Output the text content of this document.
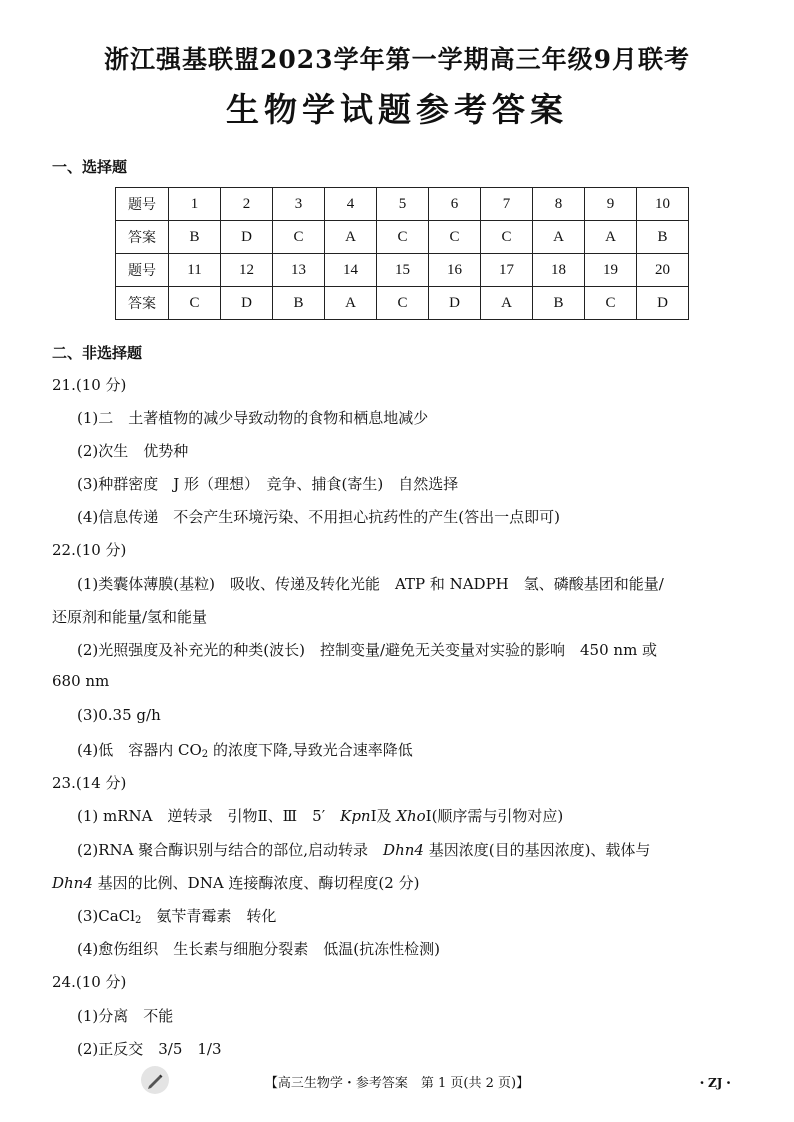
浙江强基联盟2023学年第一学期高三年级9月联考
生物学试题参考答案
一、选择题
题号	1	2	3	4	5	6	7	8	9	10
答案	B	D	C	A	C	C	C	A	A	B
题号	11	12	13	14	15	16	17	18	19	20
答案	C	D	B	A	C	D	A	B	C	D
二、非选择题
21.(10 分)
(1)二　土著植物的减少导致动物的食物和栖息地减少
(2)次生　优势种
(3)种群密度　J 形（理想）　竞争、捕食(寄生)　自然选择
(4)信息传递　不会产生环境污染、不用担心抗药性的产生(答出一点即可)
22.(10 分)
(1)类囊体薄膜(基粒)　吸收、传递及转化光能　ATP 和 NADPH　氢、磷酸基团和能量/
还原剂和能量/氢和能量
(2)光照强度及补充光的种类(波长)　控制变量/避免无关变量对实验的影响　450 nm 或
680 nm
(3)0.35 g/h
(4)低　容器内 $CO_2$ 的浓度下降,导致光合速率降低
23.(14 分)
(1) mRNA　逆转录　引物Ⅱ、Ⅲ　5′　KpnⅠ及 XhoⅠ(顺序需与引物对应)
(2)RNA 聚合酶识别与结合的部位,启动转录　Dhn4 基因浓度(目的基因浓度)、载体与
Dhn4 基因的比例、DNA 连接酶浓度、酶切程度(2 分)
(3)CaCl$_2$　氨苄青霉素　转化
(4)愈伤组织　生长素与细胞分裂素　低温(抗冻性检测)
24.(10 分)
(1)分离　不能
(2)正反交　3/5　1/3
【高三生物学・参考答案　第 1 页(共 2 页)】	・ZJ・
